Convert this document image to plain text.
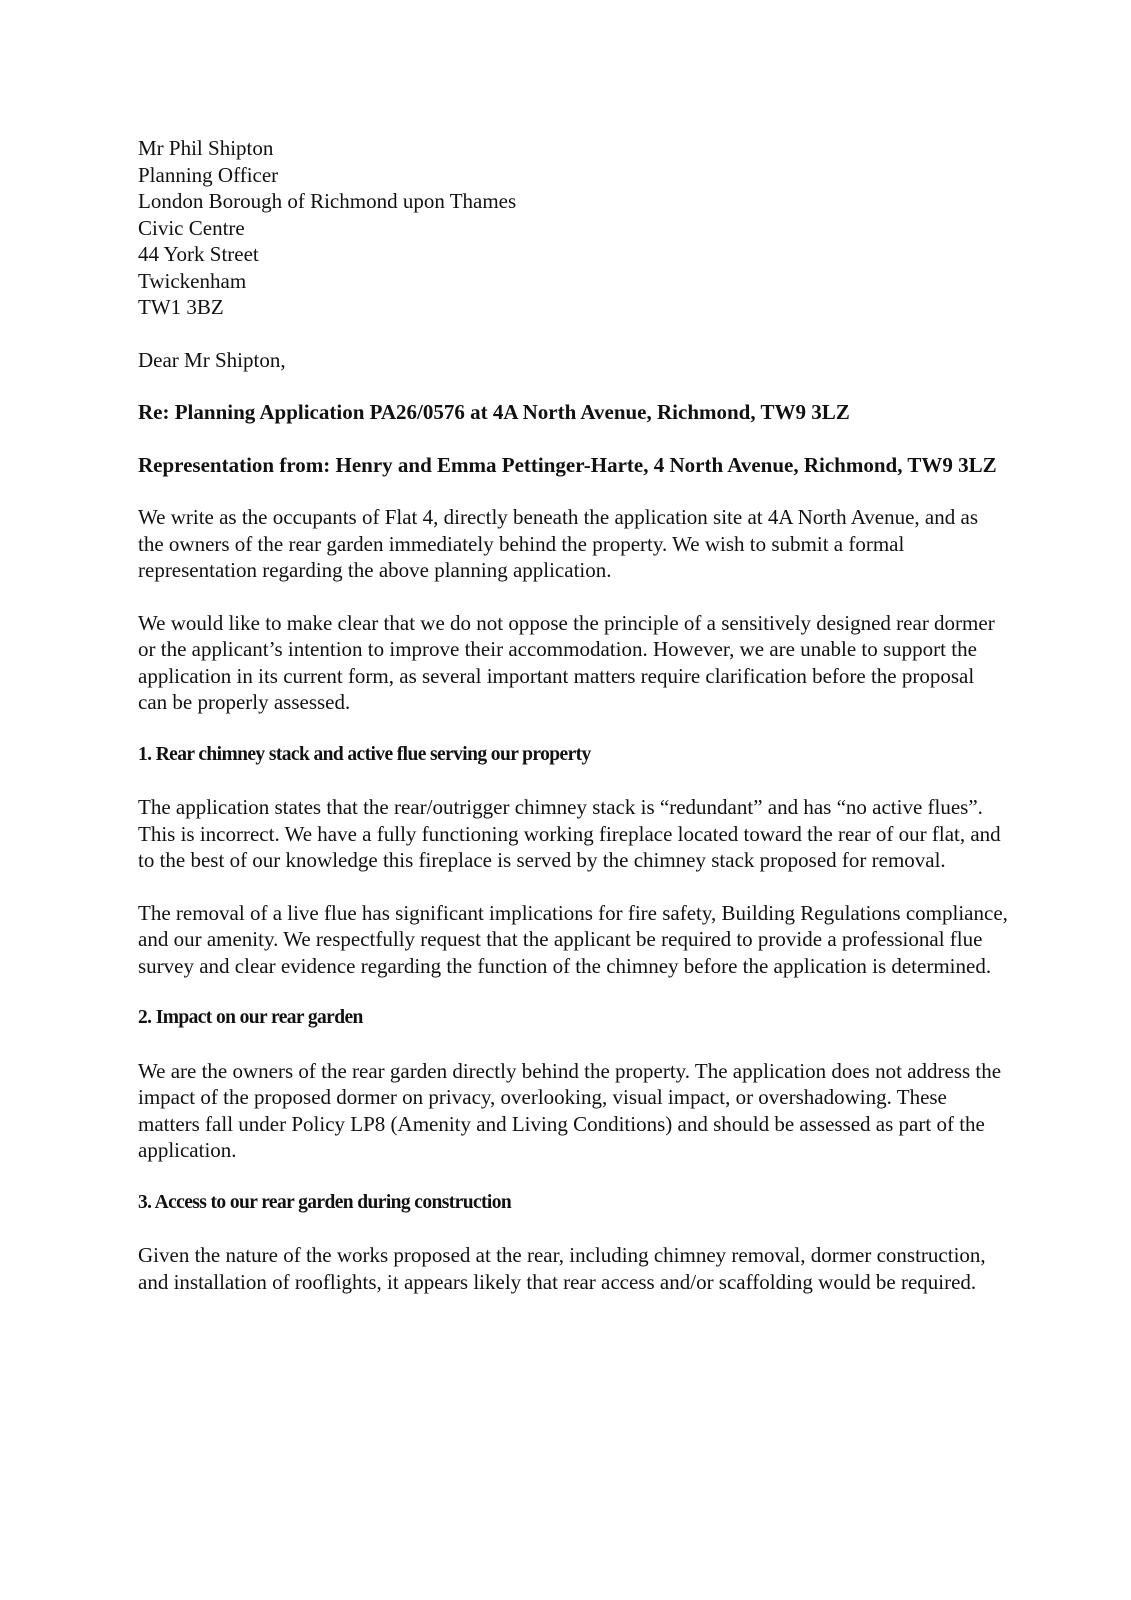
Mr Phil Shipton
Planning Officer
London Borough of Richmond upon Thames
Civic Centre
44 York Street
Twickenham
TW1 3BZ

Dear Mr Shipton,

Re: Planning Application PA26/0576 at 4A North Avenue, Richmond, TW9 3LZ

Representation from: Henry and Emma Pettinger-Harte, 4 North Avenue, Richmond, TW9 3LZ

We write as the occupants of Flat 4, directly beneath the application site at 4A North Avenue, and as the owners of the rear garden immediately behind the property. We wish to submit a formal representation regarding the above planning application.

We would like to make clear that we do not oppose the principle of a sensitively designed rear dormer or the applicant’s intention to improve their accommodation. However, we are unable to support the application in its current form, as several important matters require clarification before the proposal can be properly assessed.

1. Rear chimney stack and active flue serving our property

The application states that the rear/outrigger chimney stack is “redundant” and has “no active flues”. This is incorrect. We have a fully functioning working fireplace located toward the rear of our flat, and to the best of our knowledge this fireplace is served by the chimney stack proposed for removal.

The removal of a live flue has significant implications for fire safety, Building Regulations compliance, and our amenity. We respectfully request that the applicant be required to provide a professional flue survey and clear evidence regarding the function of the chimney before the application is determined.

2. Impact on our rear garden

We are the owners of the rear garden directly behind the property. The application does not address the impact of the proposed dormer on privacy, overlooking, visual impact, or overshadowing. These matters fall under Policy LP8 (Amenity and Living Conditions) and should be assessed as part of the application.

3. Access to our rear garden during construction

Given the nature of the works proposed at the rear, including chimney removal, dormer construction, and installation of rooflights, it appears likely that rear access and/or scaffolding would be required.
